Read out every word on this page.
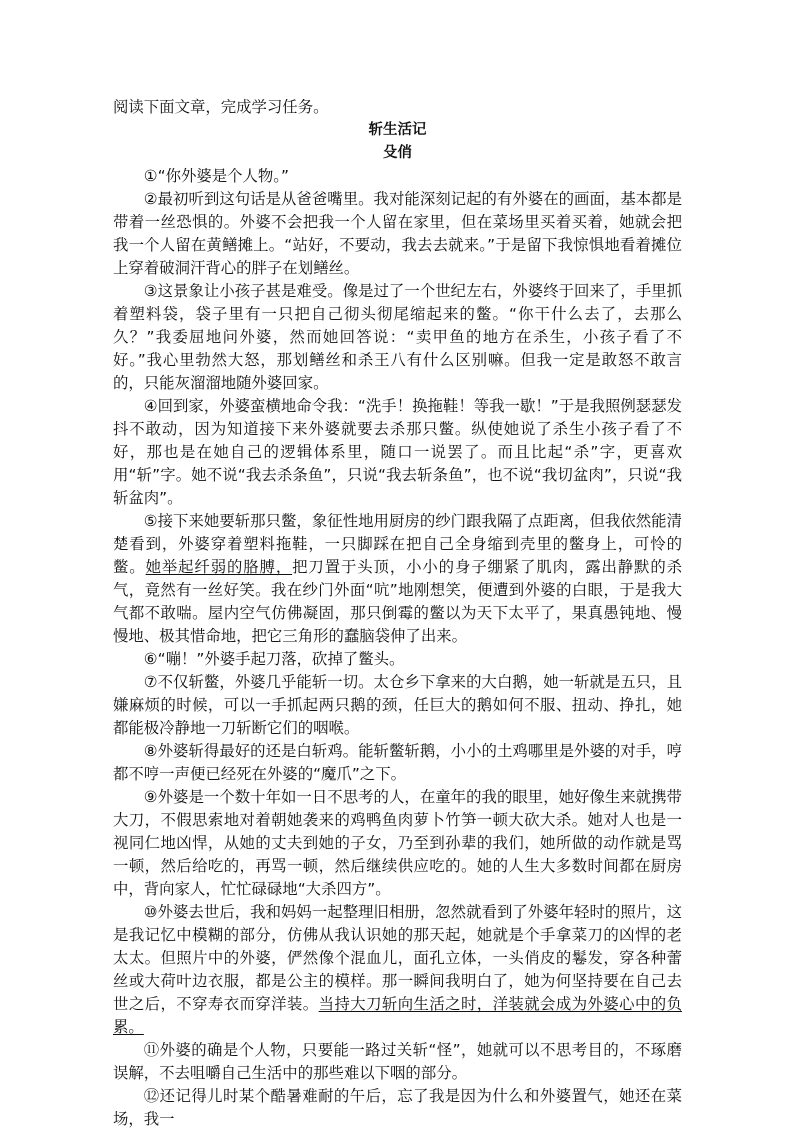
阅读下面文章，完成学习任务。

斩生活记

殳俏

①“你外婆是个人物。”

②最初听到这句话是从爸爸嘴里。我对能深刻记起的有外婆在的画面，基本都是带着一丝恐惧的。外婆不会把我一个人留在家里，但在菜场里买着买着，她就会把我一个人留在黄鳝摊上。“站好，不要动，我去去就来。”于是留下我惊惧地看着摊位上穿着破洞汗背心的胖子在划鳝丝。

③这景象让小孩子甚是难受。像是过了一个世纪左右，外婆终于回来了，手里抓着塑料袋，袋子里有一只把自己彻头彻尾缩起来的鳖。“你干什么去了，去那么久？”我委屈地问外婆，然而她回答说：“卖甲鱼的地方在杀生，小孩子看了不好。”我心里勃然大怒，那划鳝丝和杀王八有什么区别嘛。但我一定是敢怒不敢言的，只能灰溜溜地随外婆回家。

④回到家，外婆蛮横地命令我：“洗手！换拖鞋！等我一歇！”于是我照例瑟瑟发抖不敢动，因为知道接下来外婆就要去杀那只鳖。纵使她说了杀生小孩子看了不好，那也是在她自己的逻辑体系里，随口一说罢了。而且比起“杀”字，更喜欢用“斩”字。她不说“我去杀条鱼”，只说“我去斩条鱼”，也不说“我切盆肉”，只说“我斩盆肉”。

⑤接下来她要斩那只鳖，象征性地用厨房的纱门跟我隔了点距离，但我依然能清楚看到，外婆穿着塑料拖鞋，一只脚踩在把自己全身缩到壳里的鳖身上，可怜的鳖。她举起纤弱的胳膊，把刀置于头顶，小小的身子绷紧了肌肉，露出静默的杀气，竟然有一丝好笑。我在纱门外面“吭”地刚想笑，便遭到外婆的白眼，于是我大气都不敢喘。屋内空气仿佛凝固，那只倒霉的鳖以为天下太平了，果真愚钝地、慢慢地、极其惜命地，把它三角形的蠢脑袋伸了出来。

⑥“嘣！”外婆手起刀落，砍掉了鳖头。

⑦不仅斩鳖，外婆几乎能斩一切。太仓乡下拿来的大白鹅，她一斩就是五只，且嫌麻烦的时候，可以一手抓起两只鹅的颈，任巨大的鹅如何不服、扭动、挣扎，她都能极冷静地一刀斩断它们的咽喉。

⑧外婆斩得最好的还是白斩鸡。能斩鳖斩鹅，小小的土鸡哪里是外婆的对手，哼都不哼一声便已经死在外婆的“魔爪”之下。

⑨外婆是一个数十年如一日不思考的人，在童年的我的眼里，她好像生来就携带大刀，不假思索地对着朝她袭来的鸡鸭鱼肉萝卜竹笋一顿大砍大杀。她对人也是一视同仁地凶悍，从她的丈夫到她的子女，乃至到孙辈的我们，她所做的动作就是骂一顿，然后给吃的，再骂一顿，然后继续供应吃的。她的人生大多数时间都在厨房中，背向家人，忙忙碌碌地“大杀四方”。

⑩外婆去世后，我和妈妈一起整理旧相册，忽然就看到了外婆年轻时的照片，这是我记忆中模糊的部分，仿佛从我认识她的那天起，她就是个手拿菜刀的凶悍的老太太。但照片中的外婆，俨然像个混血儿，面孔立体，一头俏皮的鬈发，穿各种蕾丝或大荷叶边衣服，都是公主的模样。那一瞬间我明白了，她为何坚持要在自己去世之后，不穿寿衣而穿洋装。当持大刀斩向生活之时，洋装就会成为外婆心中的负累。

⑪外婆的确是个人物，只要能一路过关斩“怪”，她就可以不思考目的，不琢磨误解，不去咀嚼自己生活中的那些难以下咽的部分。

⑫还记得儿时某个酷暑难耐的午后，忘了我是因为什么和外婆置气，她还在菜场，我一
